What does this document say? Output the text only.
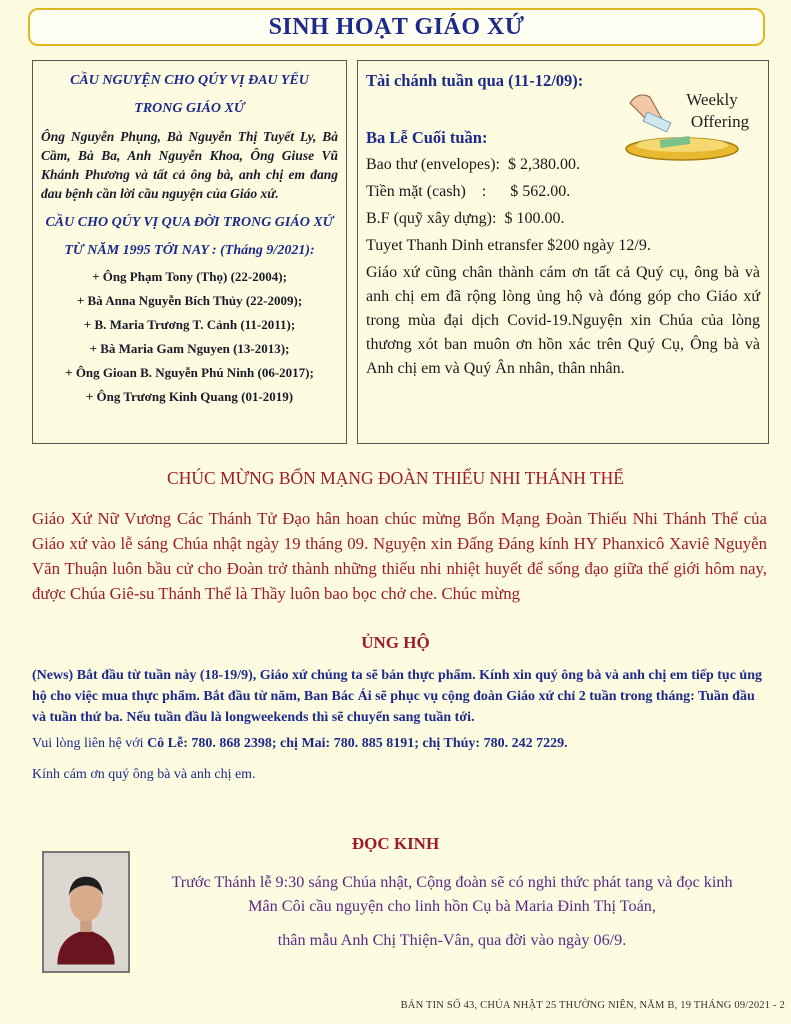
SINH HOẠT GIÁO XỨ
CẦU NGUYỆN CHO QÚY VỊ ĐAU YẾU
TRONG GIÁO XỨ
Ông Nguyễn Phụng, Bà Nguyễn Thị Tuyết Ly, Bà Cầm, Bà Ba, Anh Nguyễn Khoa, Ông Giuse Vũ Khánh Phương và tất cả ông bà, anh chị em đang đau bệnh cần lời cầu nguyện của Giáo xứ.
CẦU CHO QÚY VỊ QUA ĐỜI TRONG GIÁO XỨ
TỪ NĂM 1995 TỚI NAY : (Tháng 9/2021):
+ Ông Phạm Tony (Thọ) (22-2004);
+ Bà Anna Nguyễn Bích Thủy (22-2009);
+ B. Maria Trương T. Cảnh (11-2011);
+ Bà Maria Gam Nguyen (13-2013);
+ Ông Gioan B. Nguyễn Phú Ninh (06-2017);
+ Ông Trương Kinh Quang (01-2019)
Tài chánh tuần qua (11-12/09):
Weekly
Offering
Ba Lễ Cuối tuần:
Bao thư (envelopes): $ 2,380.00.
Tiền mặt (cash) : $ 562.00.
B.F (quỹ xây dựng): $ 100.00.
Tuyet Thanh Dinh etransfer $200 ngày 12/9.
Giáo xứ cũng chân thành cám ơn tất cả Quý cụ, ông bà và anh chị em đã rộng lòng ủng hộ và đóng góp cho Giáo xứ trong mùa đại dịch Covid-19.Nguyện xin Chúa của lòng thương xót ban muôn ơn hồn xác trên Quý Cụ, Ông bà và Anh chị em và Quý Ân nhân, thân nhân.
CHÚC MỪNG BỔN MẠNG ĐOÀN THIẾU NHI THÁNH THỂ
Giáo Xứ Nữ Vương Các Thánh Tử Đạo hân hoan chúc mừng Bổn Mạng Đoàn Thiếu Nhi Thánh Thể của Giáo xứ vào lễ sáng Chúa nhật ngày 19 tháng 09. Nguyện xin Đấng Đáng kính HY Phanxicô Xaviê Nguyễn Văn Thuận luôn bầu cử cho Đoàn trở thành những thiếu nhi nhiệt huyết để sống đạo giữa thế giới hôm nay, được Chúa Giê-su Thánh Thể là Thầy luôn bao bọc chở che. Chúc mừng
ỦNG HỘ
(News) Bắt đầu từ tuần này (18-19/9), Giáo xứ chúng ta sẽ bán thực phẩm. Kính xin quý ông bà và anh chị em tiếp tục ủng hộ cho việc mua thực phẩm. Bắt đầu từ năm, Ban Bác Ái sẽ phục vụ cộng đoàn Giáo xứ chỉ 2 tuần trong tháng: Tuần đầu và tuần thứ ba. Nếu tuần đầu là longweekends thì sẽ chuyển sang tuần tới.
Vui lòng liên hệ với Cô Lễ: 780. 868 2398; chị Mai: 780. 885 8191; chị Thúy: 780. 242 7229.
Kính cám ơn quý ông bà và anh chị em.
ĐỌC KINH
Trước Thánh lễ 9:30 sáng Chúa nhật, Cộng đoàn sẽ có nghi thức phát tang và đọc kinh
Mân Côi cầu nguyện cho linh hồn Cụ bà Maria Đinh Thị Toán,
thân mẫu Anh Chị Thiện-Vân, qua đời vào ngày 06/9.
BẢN TIN SỐ 43, CHÚA NHẬT 25 THƯỜNG NIÊN, NĂM B, 19 THÁNG 09/2021 - 2
